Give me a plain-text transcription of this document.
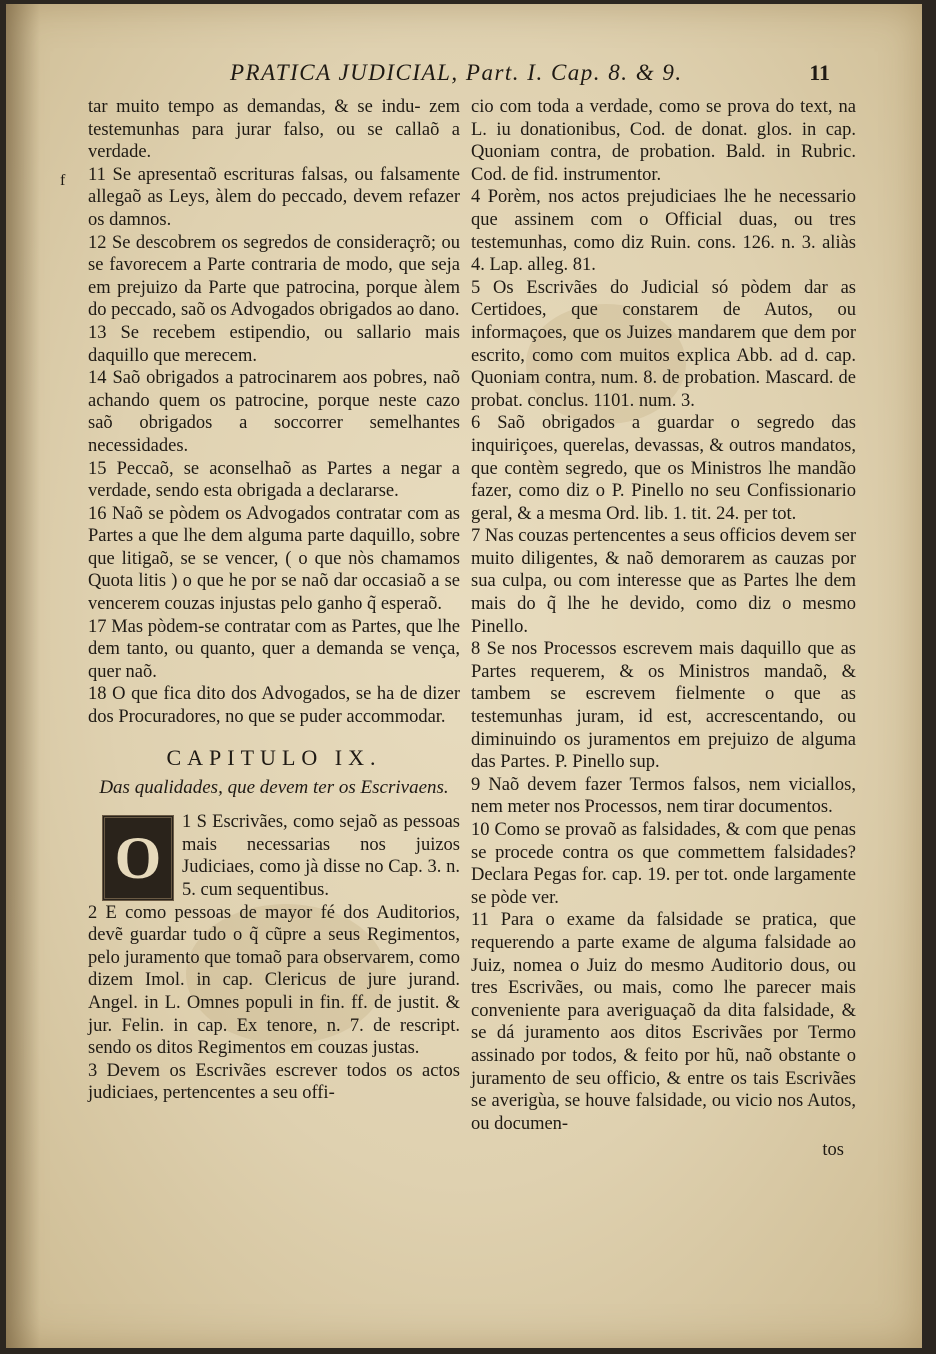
PRATICA JUDICIAL, Part. I. Cap. 8. & 9.	11
f

tar muito tempo as demandas, & se indu- zem testemunhas para jurar falso, ou se callaõ a verdade.

11 Se apresentaõ escrituras falsas, ou falsamente allegaõ as Leys, àlem do peccado, devem refazer os damnos.

12 Se descobrem os segredos de consideraçrõ; ou se favorecem a Parte contraria de modo, que seja em prejuizo da Parte que patrocina, porque àlem do peccado, saõ os Advogados obrigados ao dano.

13 Se recebem estipendio, ou sallario mais daquillo que merecem.

14 Saõ obrigados a patrocinarem aos pobres, naõ achando quem os patrocine, porque neste cazo saõ obrigados a soccorrer semelhantes necessidades.

15 Peccaõ, se aconselhaõ as Partes a negar a verdade, sendo esta obrigada a declararse.

16 Naõ se pòdem os Advogados contratar com as Partes a que lhe dem alguma parte daquillo, sobre que litigaõ, se se vencer, ( o que nòs chamamos Quota litis ) o que he por se naõ dar occasiaõ a se vencerem couzas injustas pelo ganho q̃ esperaõ.

17 Mas pòdem-se contratar com as Partes, que lhe dem tanto, ou quanto, quer a demanda se vença, quer naõ.

18 O que fica dito dos Advogados, se ha de dizer dos Procuradores, no que se puder accommodar.

CAPITULO IX.
Das qualidades, que devem ter os Escrivaens.
O

1 S Escrivães, como sejaõ as pessoas mais necessarias nos juizos Judiciaes, como jà disse no Cap. 3. n. 5. cum sequentibus.

2 E como pessoas de mayor fé dos Auditorios, devẽ guardar tudo o q̃ cũpre a seus Regimentos, pelo juramento que tomaõ para observarem, como dizem Imol. in cap. Clericus de jure jurand. Angel. in L. Omnes populi in fin. ff. de justit. & jur. Felin. in cap. Ex tenore, n. 7. de rescript. sendo os ditos Regimentos em couzas justas.

3 Devem os Escrivães escrever todos os actos judiciaes, pertencentes a seu offi-

cio com toda a verdade, como se prova do text, na L. iu donationibus, Cod. de donat. glos. in cap. Quoniam contra, de probation. Bald. in Rubric. Cod. de fid. instrumentor.

4 Porèm, nos actos prejudiciaes lhe he necessario que assinem com o Official duas, ou tres testemunhas, como diz Ruin. cons. 126. n. 3. aliàs 4. Lap. alleg. 81.

5 Os Escrivães do Judicial só pòdem dar as Certidoes, que constarem de Autos, ou informaçoes, que os Juizes mandarem que dem por escrito, como com muitos explica Abb. ad d. cap. Quoniam contra, num. 8. de probation. Mascard. de probat. conclus. 1101. num. 3.

6 Saõ obrigados a guardar o segredo das inquiriçoes, querelas, devassas, & outros mandatos, que contèm segredo, que os Ministros lhe mandão fazer, como diz o P. Pinello no seu Confissionario geral, & a mesma Ord. lib. 1. tit. 24. per tot.

7 Nas couzas pertencentes a seus officios devem ser muito diligentes, & naõ demorarem as cauzas por sua culpa, ou com interesse que as Partes lhe dem mais do q̃ lhe he devido, como diz o mesmo Pinello.

8 Se nos Processos escrevem mais daquillo que as Partes requerem, & os Ministros mandaõ, & tambem se escrevem fielmente o que as testemunhas juram, id est, accrescentando, ou diminuindo os juramentos em prejuizo de alguma das Partes. P. Pinello sup.

9 Naõ devem fazer Termos falsos, nem viciallos, nem meter nos Processos, nem tirar documentos.

10 Como se provaõ as falsidades, & com que penas se procede contra os que commettem falsidades? Declara Pegas for. cap. 19. per tot. onde largamente se pòde ver.

11 Para o exame da falsidade se pratica, que requerendo a parte exame de alguma falsidade ao Juiz, nomea o Juiz do mesmo Auditorio dous, ou tres Escrivães, ou mais, como lhe parecer mais conveniente para averiguaçaõ da dita falsidade, & se dá juramento aos ditos Escrivães por Termo assinado por todos, & feito por hũ, naõ obstante o juramento de seu officio, & entre os tais Escrivães se averigùa, se houve falsidade, ou vicio nos Autos, ou documen-

tos
